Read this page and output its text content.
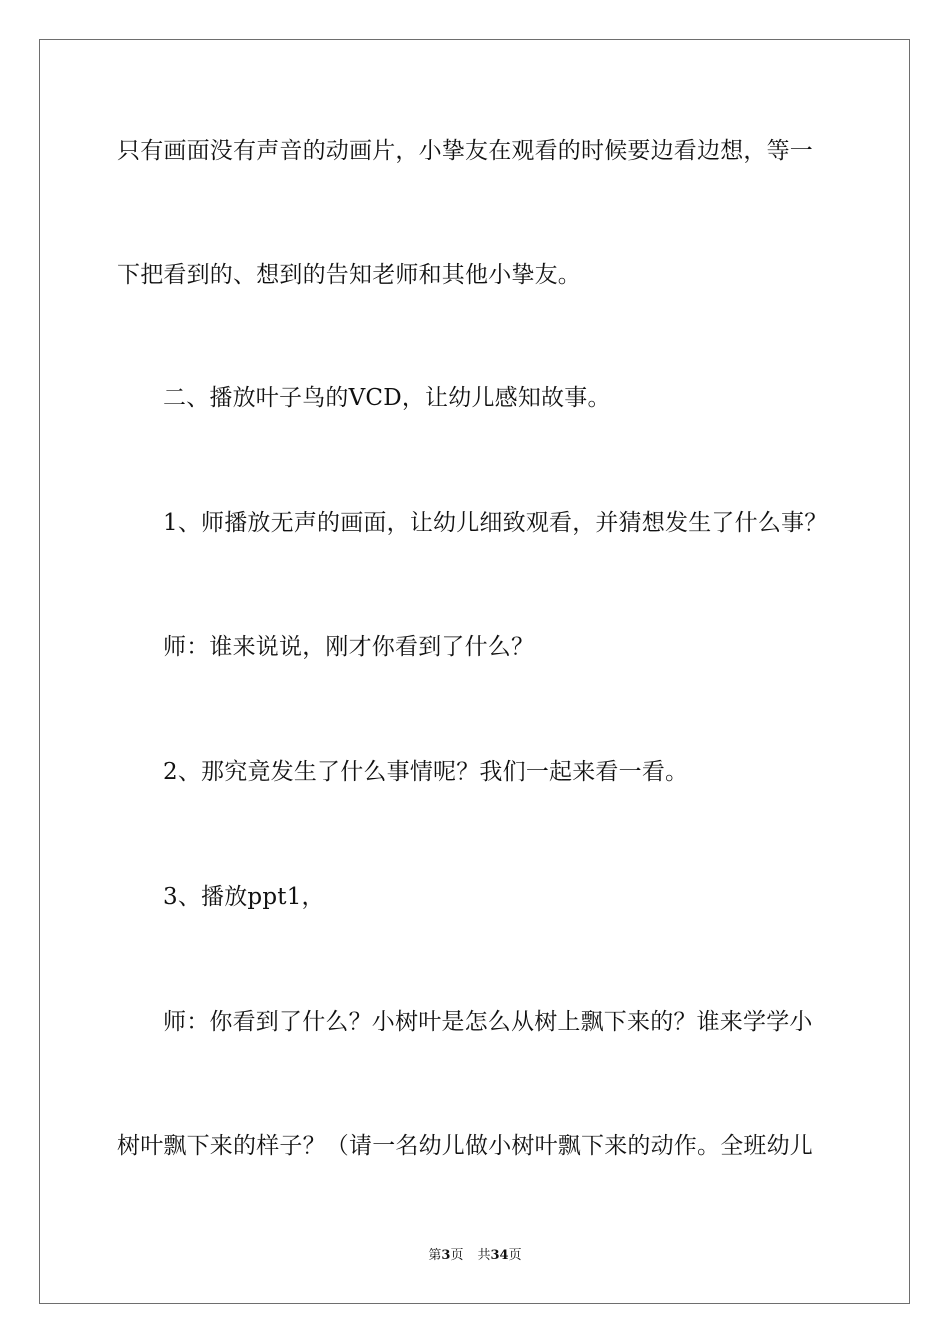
只有画面没有声音的动画片，小挚友在观看的时候要边看边想，等一
下把看到的、想到的告知老师和其他小挚友。
二、播放叶子鸟的VCD，让幼儿感知故事。
1、师播放无声的画面，让幼儿细致观看，并猜想发生了什么事？
师：谁来说说，刚才你看到了什么？
2、那究竟发生了什么事情呢？我们一起来看一看。
3、播放ppt1，
师：你看到了什么？小树叶是怎么从树上飘下来的？谁来学学小
树叶飘下来的样子？（请一名幼儿做小树叶飘下来的动作。全班幼儿
第3页 共34页
